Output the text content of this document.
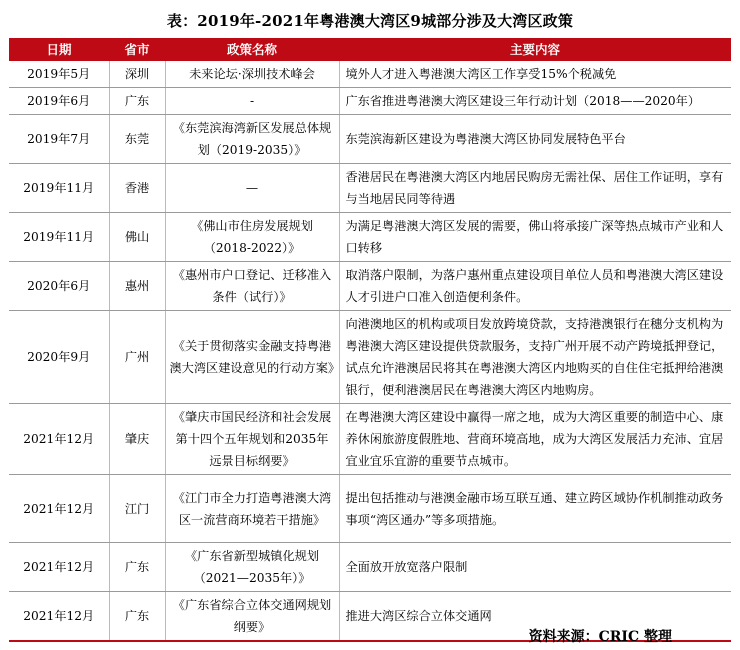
表：2019年-2021年粤港澳大湾区9城部分涉及大湾区政策
日期	省市	政策名称	主要内容
2019年5月	深圳	未来论坛·深圳技术峰会	境外人才进入粤港澳大湾区工作享受15%个税减免
2019年6月	广东	-	广东省推进粤港澳大湾区建设三年行动计划（2018——2020年）
2019年7月	东莞	《东莞滨海湾新区发展总体规划（2019-2035）》	东莞滨海新区建设为粤港澳大湾区协同发展特色平台
2019年11月	香港	—	香港居民在粤港澳大湾区内地居民购房无需社保、居住工作证明，享有与当地居民同等待遇
2019年11月	佛山	《佛山市住房发展规划（2018-2022）》	为满足粤港澳大湾区发展的需要，佛山将承接广深等热点城市产业和人口转移
2020年6月	惠州	《惠州市户口登记、迁移准入条件（试行）》	取消落户限制，为落户惠州重点建设项目单位人员和粤港澳大湾区建设人才引进户口准入创造便利条件。
2020年9月	广州	《关于贯彻落实金融支持粤港澳大湾区建设意见的行动方案》	向港澳地区的机构或项目发放跨境贷款，支持港澳银行在穗分支机构为粤港澳大湾区建设提供贷款服务，支持广州开展不动产跨境抵押登记，试点允许港澳居民将其在粤港澳大湾区内地购买的自住住宅抵押给港澳银行，便利港澳居民在粤港澳大湾区内地购房。
2021年12月	肇庆	《肇庆市国民经济和社会发展第十四个五年规划和2035年远景目标纲要》	在粤港澳大湾区建设中赢得一席之地，成为大湾区重要的制造中心、康养休闲旅游度假胜地、营商环境高地，成为大湾区发展活力充沛、宜居宜业宜乐宜游的重要节点城市。
2021年12月	江门	《江门市全力打造粤港澳大湾区一流营商环境若干措施》	提出包括推动与港澳金融市场互联互通、建立跨区域协作机制推动政务事项“湾区通办”等多项措施。
2021年12月	广东	《广东省新型城镇化规划（2021—2035年）》	全面放开放宽落户限制
2021年12月	广东	《广东省综合立体交通网规划纲要》	推进大湾区综合立体交通网
资料来源：CRIC 整理
